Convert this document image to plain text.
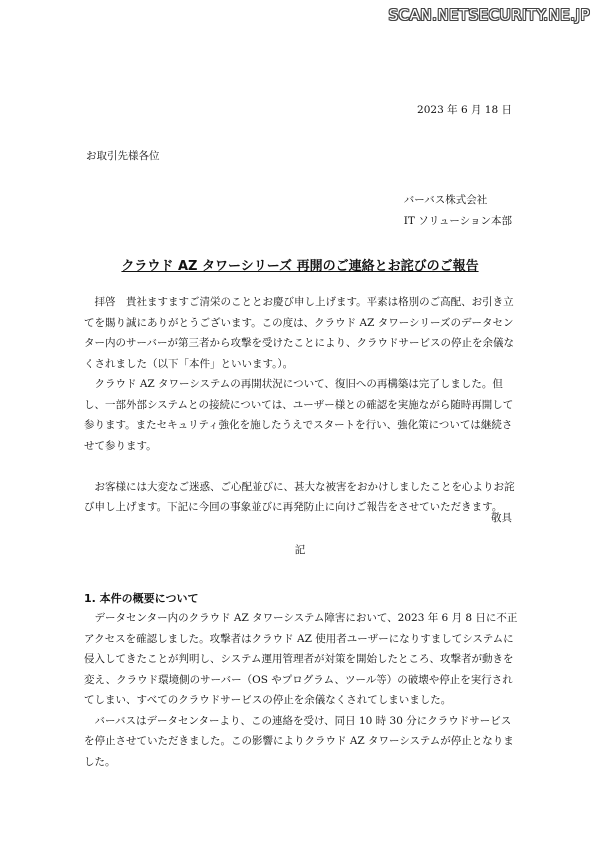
SCAN.NETSECURITY.NE.JP
2023 年 6 月 18 日
お取引先様各位
バーバス株式会社
IT ソリューション本部
クラウド AZ タワーシリーズ 再開のご連絡とお詫びのご報告

拝啓　貴社ますますご清栄のこととお慶び申し上げます。平素は格別のご高配、お引き立てを賜り誠にありがとうございます。この度は、クラウド AZ タワーシリーズのデータセンター内のサーバーが第三者から攻撃を受けたことにより、クラウドサービスの停止を余儀なくされました（以下「本件」といいます。）。

クラウド AZ タワーシステムの再開状況について、復旧への再構築は完了しました。但し、一部外部システムとの接続については、ユーザー様との確認を実施ながら随時再開して参ります。またセキュリティ強化を施したうえでスタートを行い、強化策については継続させて参ります。

お客様には大変なご迷惑、ご心配並びに、甚大な被害をおかけしましたことを心よりお詫び申し上げます。下記に今回の事象並びに再発防止に向けご報告をさせていただきます。

敬具
記
1. 本件の概要について

データセンター内のクラウド AZ タワーシステム障害において、2023 年 6 月 8 日に不正アクセスを確認しました。攻撃者はクラウド AZ 使用者ユーザーになりすましてシステムに侵入してきたことが判明し、システム運用管理者が対策を開始したところ、攻撃者が動きを変え、クラウド環境側のサーバー（OS やプログラム、ツール等）の破壊や停止を実行されてしまい、すべてのクラウドサービスの停止を余儀なくされてしまいました。

バーバスはデータセンターより、この連絡を受け、同日 10 時 30 分にクラウドサービスを停止させていただきました。この影響によりクラウド AZ タワーシステムが停止となりました。
